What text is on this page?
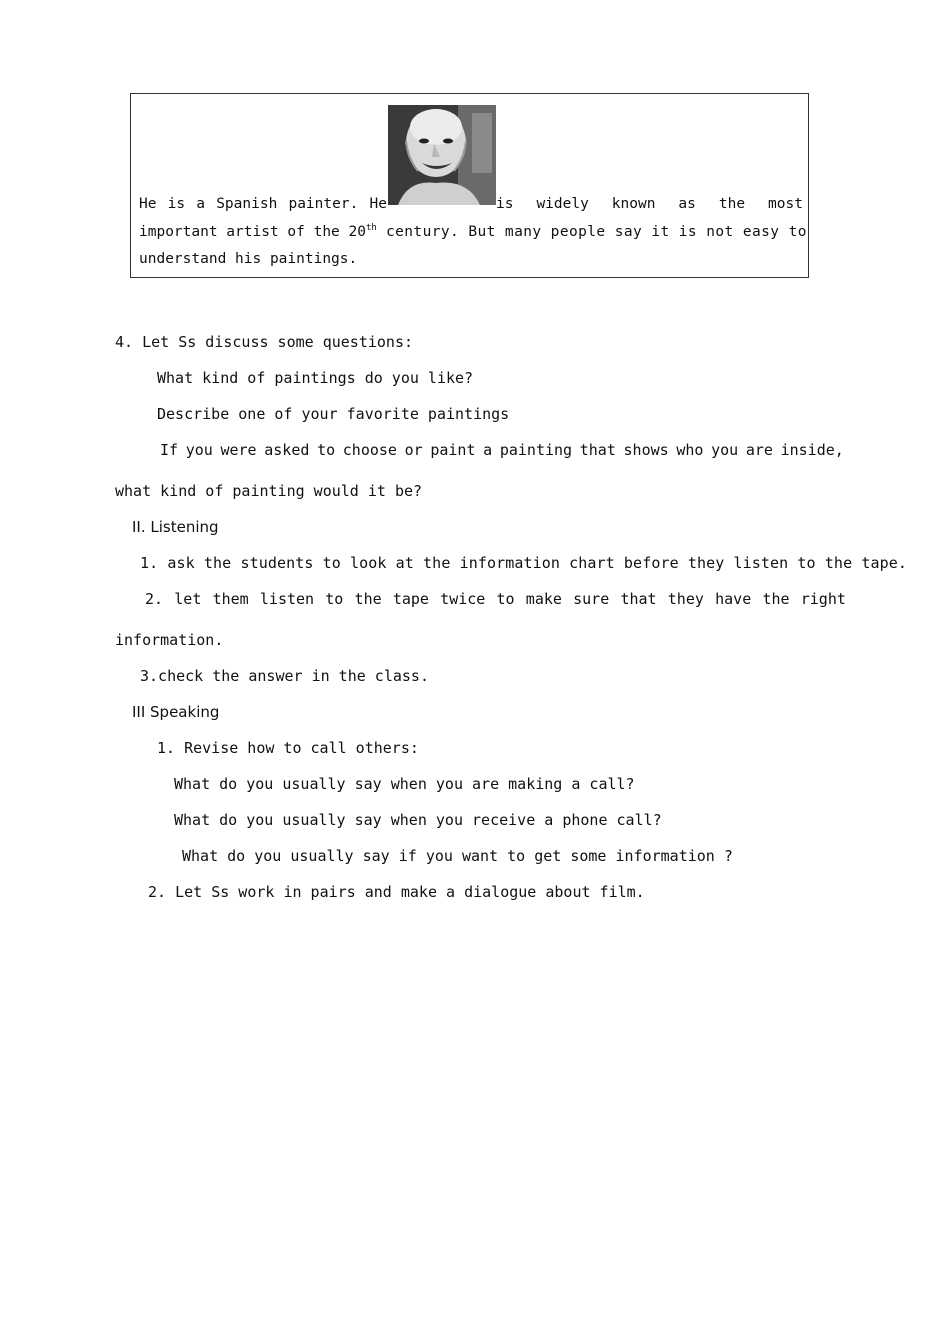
He is a Spanish painter. He	is widely known as the most
important artist of the 20th century. But many people say it is not easy to
understand his paintings.
4. Let Ss discuss some questions:
What kind of paintings do you like?
Describe one of your favorite paintings
If you were asked to choose or paint a painting that shows who you are inside,
what kind of painting would it be?
II. Listening
1. ask the students to look at the information chart before they listen to the tape.
2. let them listen to the tape twice to make sure that they have the right
information.
3.check the answer in the class.
III Speaking
1. Revise how to call others:
What do you usually say when you are making a call?
What do you usually say when you receive a phone call?
What do you usually say if you want to get some information ?
2. Let Ss work in pairs and make a dialogue about film.
